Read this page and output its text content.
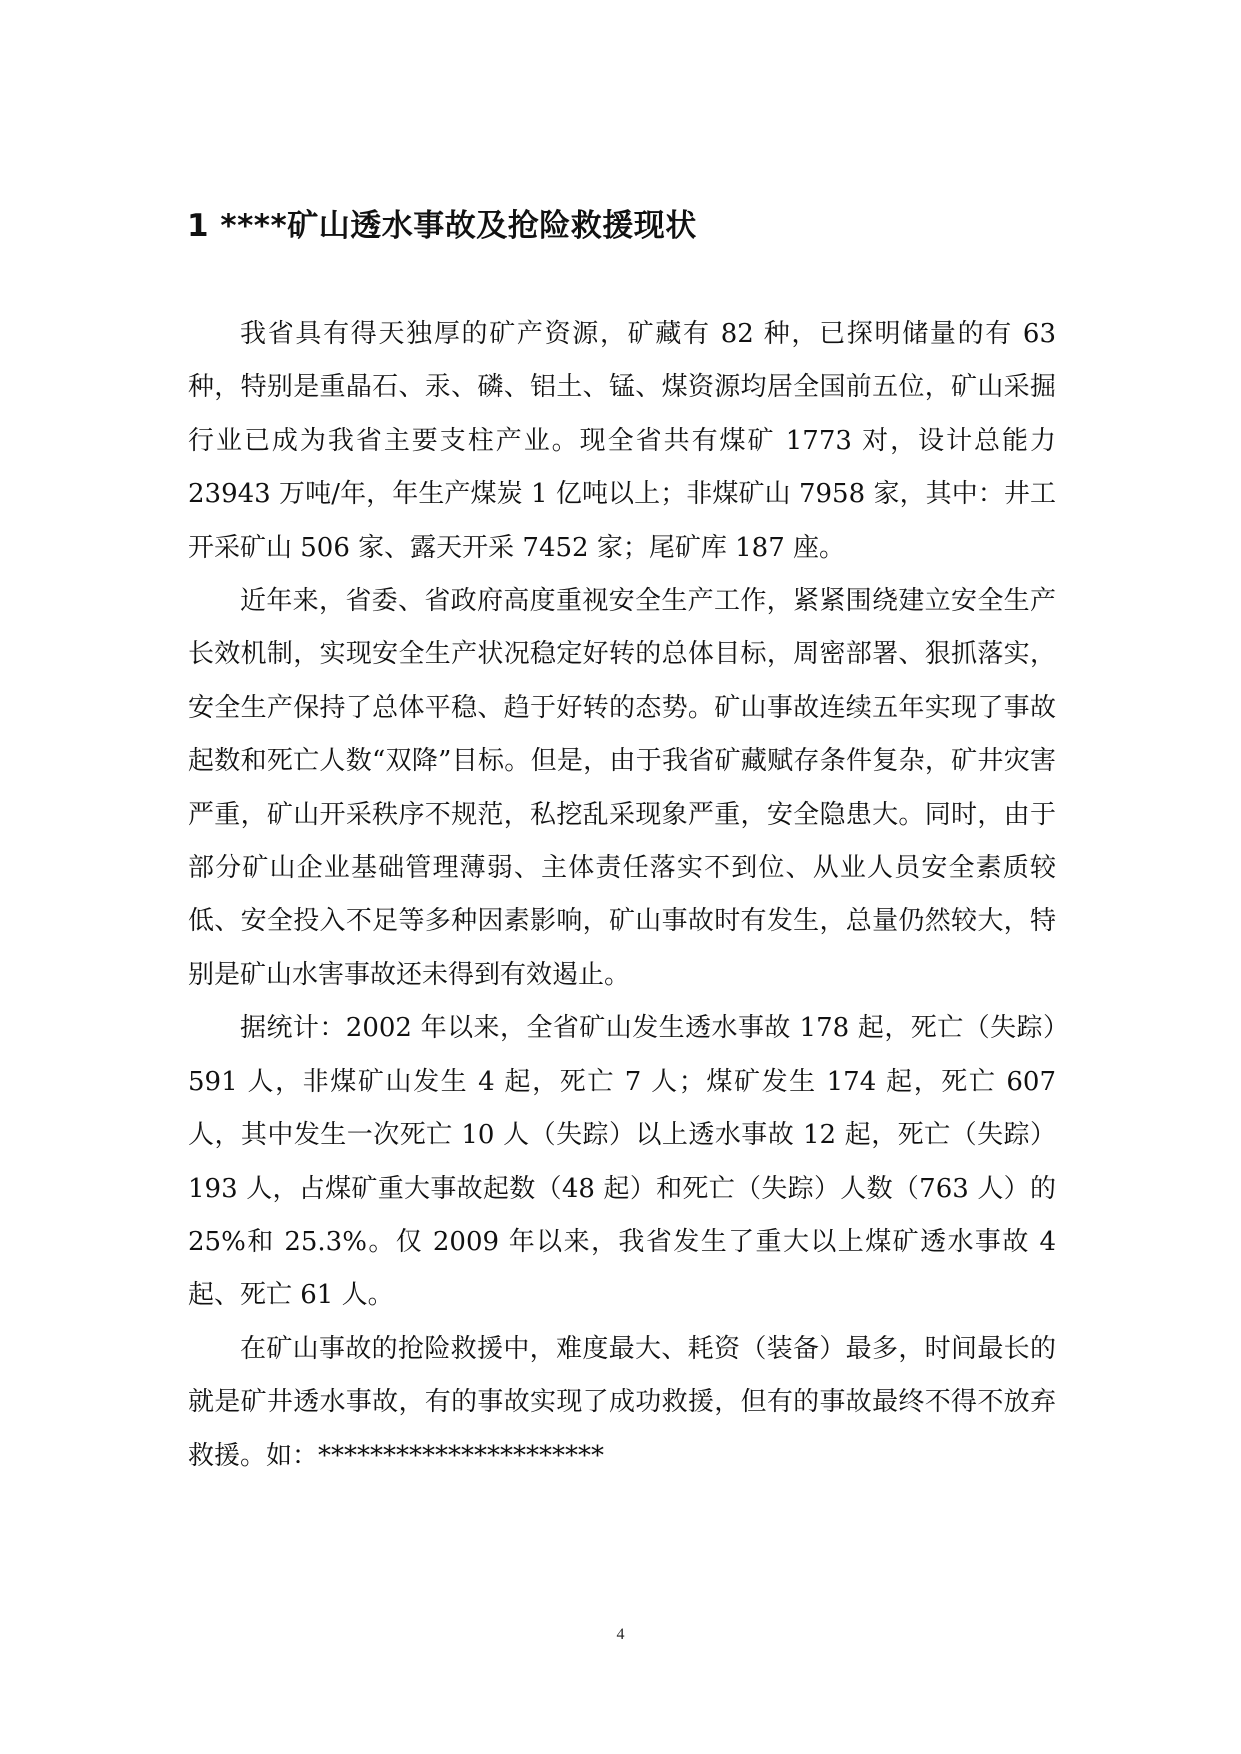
1 ****矿山透水事故及抢险救援现状

我省具有得天独厚的矿产资源，矿藏有 82 种，已探明储量的有 63 种，特别是重晶石、汞、磷、铝土、锰、煤资源均居全国前五位，矿山采掘行业已成为我省主要支柱产业。现全省共有煤矿 1773 对，设计总能力 23943 万吨/年，年生产煤炭 1 亿吨以上；非煤矿山 7958 家，其中：井工开采矿山 506 家、露天开采 7452 家；尾矿库 187 座。

近年来，省委、省政府高度重视安全生产工作，紧紧围绕建立安全生产长效机制，实现安全生产状况稳定好转的总体目标，周密部署、狠抓落实，安全生产保持了总体平稳、趋于好转的态势。矿山事故连续五年实现了事故起数和死亡人数“双降”目标。但是，由于我省矿藏赋存条件复杂，矿井灾害严重，矿山开采秩序不规范，私挖乱采现象严重，安全隐患大。同时，由于部分矿山企业基础管理薄弱、主体责任落实不到位、从业人员安全素质较低、安全投入不足等多种因素影响，矿山事故时有发生，总量仍然较大，特别是矿山水害事故还未得到有效遏止。

据统计：2002 年以来，全省矿山发生透水事故 178 起，死亡（失踪）591 人，非煤矿山发生 4 起，死亡 7 人；煤矿发生 174 起，死亡 607 人，其中发生一次死亡 10 人（失踪）以上透水事故 12 起，死亡（失踪）193 人，占煤矿重大事故起数（48 起）和死亡（失踪）人数（763 人）的 25%和 25.3%。仅 2009 年以来，我省发生了重大以上煤矿透水事故 4 起、死亡 61 人。

在矿山事故的抢险救援中，难度最大、耗资（装备）最多，时间最长的就是矿井透水事故，有的事故实现了成功救援，但有的事故最终不得不放弃救援。如：**********************

4
